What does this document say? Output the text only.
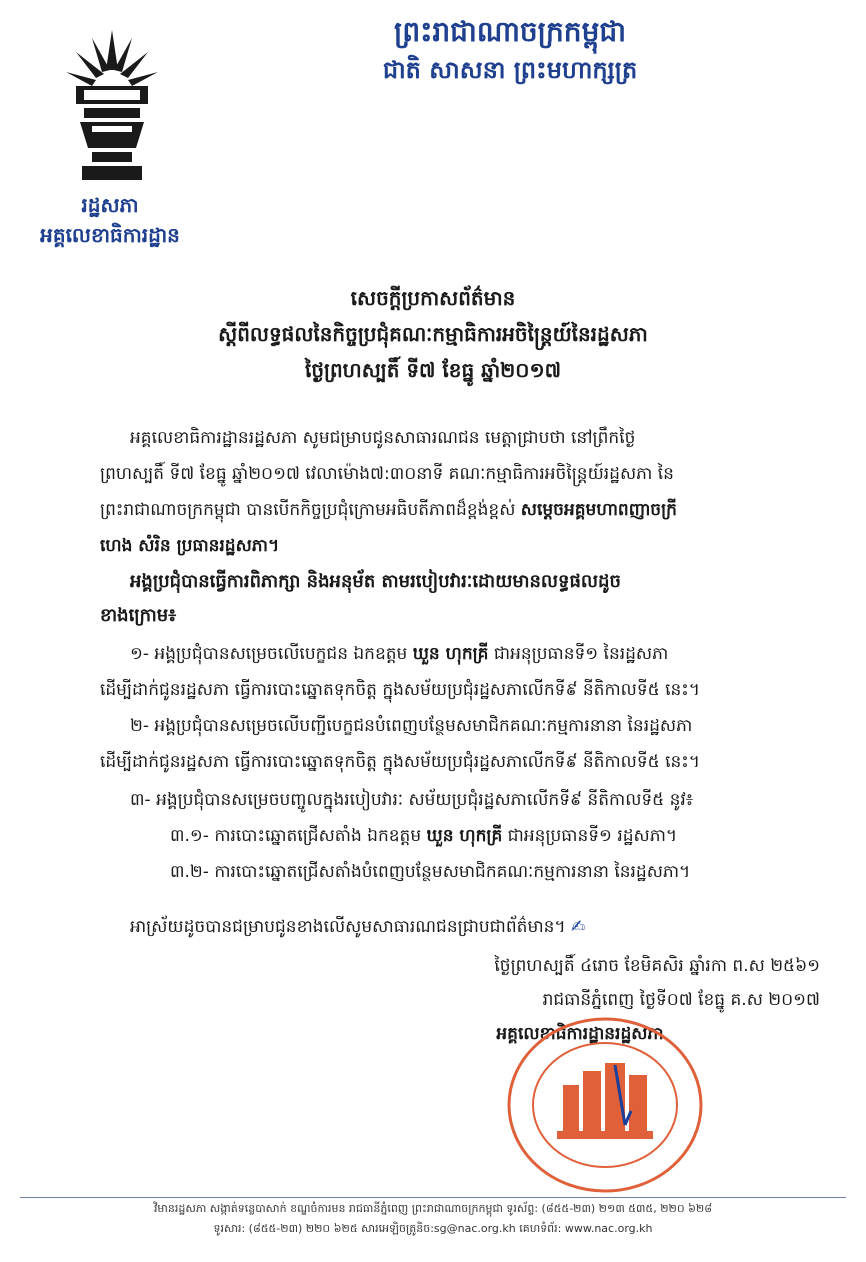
ព្រះរាជាណាចក្រកម្ពុជា
ជាតិ សាសនា ព្រះមហាក្សត្រ
រដ្ឋសភា
អគ្គលេខាធិការដ្ឋាន
សេចក្តីប្រកាសព័ត៌មាន
ស្តីពីលទ្ធផលនៃកិច្ចប្រជុំគណៈកម្មាធិការអចិន្ត្រៃយ៍នៃរដ្ឋសភា
ថ្ងៃព្រហស្បតិ៍ ទី៧ ខែធ្នូ ឆ្នាំ២០១៧
អគ្គលេខាធិការដ្ឋានរដ្ឋសភា សូមជម្រាបជូនសាធារណជន មេត្តាជ្រាបថា នៅព្រឹកថ្ងៃ
ព្រហស្បតិ៍ ទី៧ ខែធ្នូ ឆ្នាំ២០១៧ វេលាម៉ោង៧:៣០នាទី គណៈកម្មាធិការអចិន្ត្រៃយ៍រដ្ឋសភា នៃ
ព្រះរាជាណាចក្រកម្ពុជា បានបើកកិច្ចប្រជុំក្រោមអធិបតីភាពដ៏ខ្ពង់ខ្ពស់ សម្តេចអគ្គមហាពញាចក្រី
ហេង សំរិន ប្រធានរដ្ឋសភា។
អង្គប្រជុំបានធ្វើការពិភាក្សា និងអនុម័ត តាមរបៀបវារៈដោយមានលទ្ធផលដូច
ខាងក្រោម៖
១- អង្គប្រជុំបានសម្រេចលើបេក្ខជន ឯកឧត្តម ឃួន ហុកគ្រី ជាអនុប្រធានទី១ នៃរដ្ឋសភា
ដើម្បីដាក់ជូនរដ្ឋសភា ធ្វើការបោះឆ្នោតទុកចិត្ត ក្នុងសម័យប្រជុំរដ្ឋសភាលើកទី៩ នីតិកាលទី៥ នេះ។
២- អង្គប្រជុំបានសម្រេចលើបញ្ជីបេក្ខជនបំពេញបន្ថែមសមាជិកគណៈកម្មការនានា នៃរដ្ឋសភា
ដើម្បីដាក់ជូនរដ្ឋសភា ធ្វើការបោះឆ្នោតទុកចិត្ត ក្នុងសម័យប្រជុំរដ្ឋសភាលើកទី៩ នីតិកាលទី៥ នេះ។
៣- អង្គប្រជុំបានសម្រេចបញ្ចូលក្នុងរបៀបវារៈ សម័យប្រជុំរដ្ឋសភាលើកទី៩ នីតិកាលទី៥ នូវ៖
៣.១- ការបោះឆ្នោតជ្រើសតាំង ឯកឧត្តម ឃួន ហុកគ្រី ជាអនុប្រធានទី១ រដ្ឋសភា។
៣.២- ការបោះឆ្នោតជ្រើសតាំងបំពេញបន្ថែមសមាជិកគណៈកម្មការនានា នៃរដ្ឋសភា។
អាស្រ័យដូចបានជម្រាបជូនខាងលើសូមសាធារណជនជ្រាបជាព័ត៌មាន។ ✍
ថ្ងៃព្រហស្បតិ៍ ៤រោច ខែមិគសិរ ឆ្នាំរកា ព.ស ២៥៦១
រាជធានីភ្នំពេញ ថ្ងៃទី០៧ ខែធ្នូ គ.ស ២០១៧
អគ្គលេខាធិការដ្ឋានរដ្ឋសភា
វិមានរដ្ឋសភា សង្កាត់ទន្លេបាសាក់ ខណ្ឌចំការមន រាជធានីភ្នំពេញ ព្រះរាជាណាចក្រកម្ពុជា ទូរស័ព្ទ: (៨៥៥-២៣) ២១៣ ៥៣៥, ២២០ ៦២៨
ទូរសារ: (៨៥៥-២៣) ២២០ ៦២៥ សារអេឡិចត្រូនិច:sg@nac.org.kh គេហទំព័រ: www.nac.org.kh
